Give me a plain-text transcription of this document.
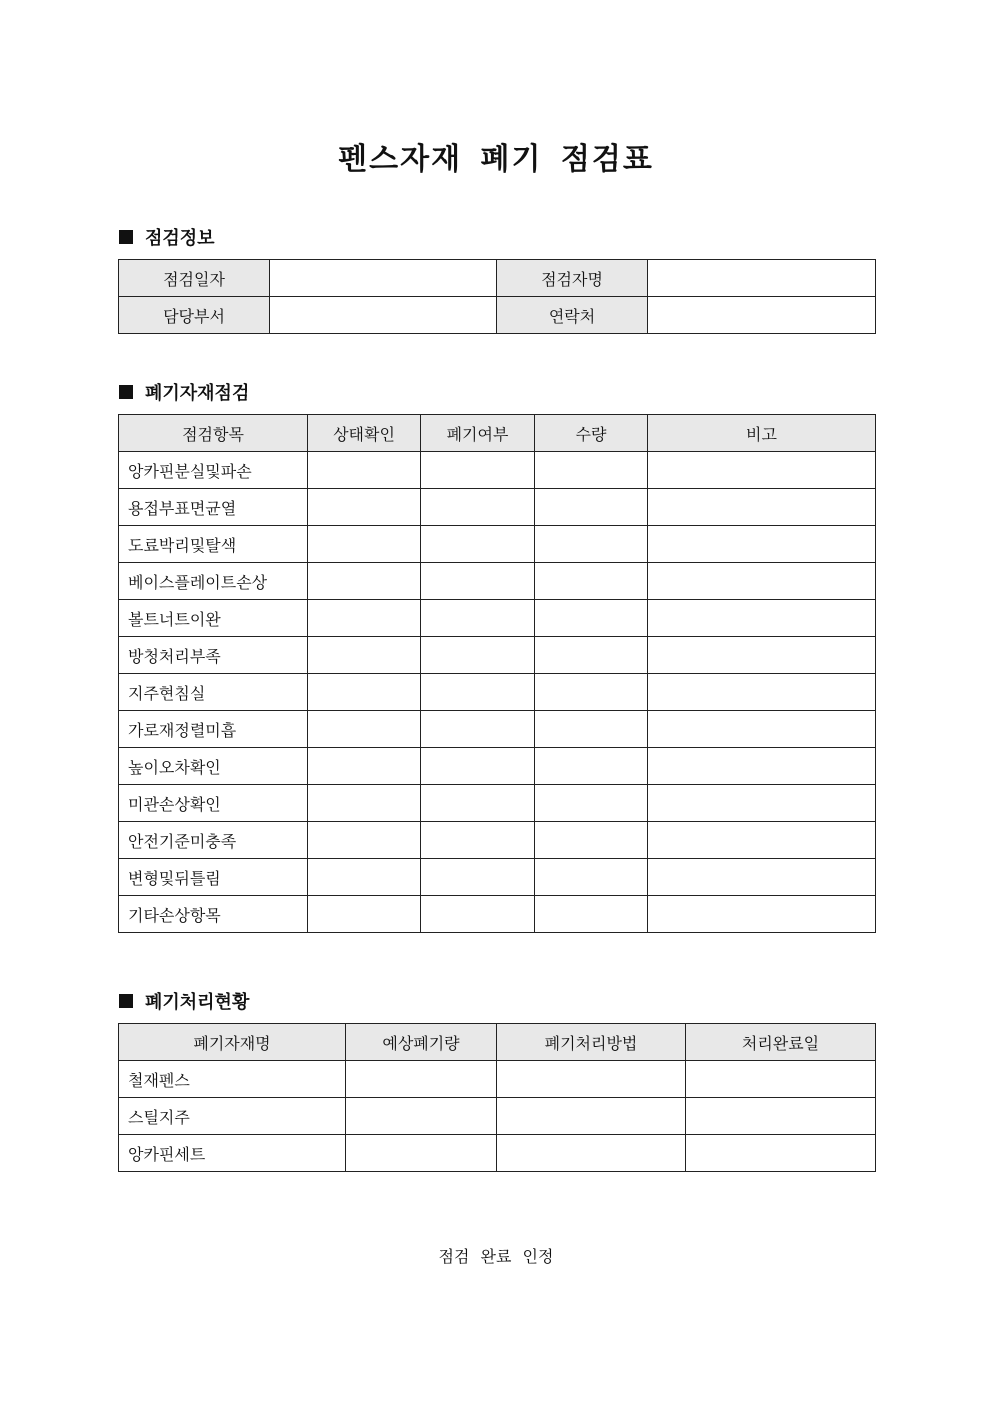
펜스자재 폐기 점검표
점검정보
점검일자		점검자명	
담당부서		연락처	
폐기자재점검
점검항목	상태확인	폐기여부	수량	비고
앙카핀분실및파손				
용접부표면균열				
도료박리및탈색				
베이스플레이트손상				
볼트너트이완				
방청처리부족				
지주현침실				
가로재정렬미흡				
높이오차확인				
미관손상확인				
안전기준미충족				
변형및뒤틀림				
기타손상항목				
폐기처리현황
폐기자재명	예상폐기량	폐기처리방법	처리완료일
철재펜스			
스틸지주			
앙카핀세트			
점검 완료 인정
